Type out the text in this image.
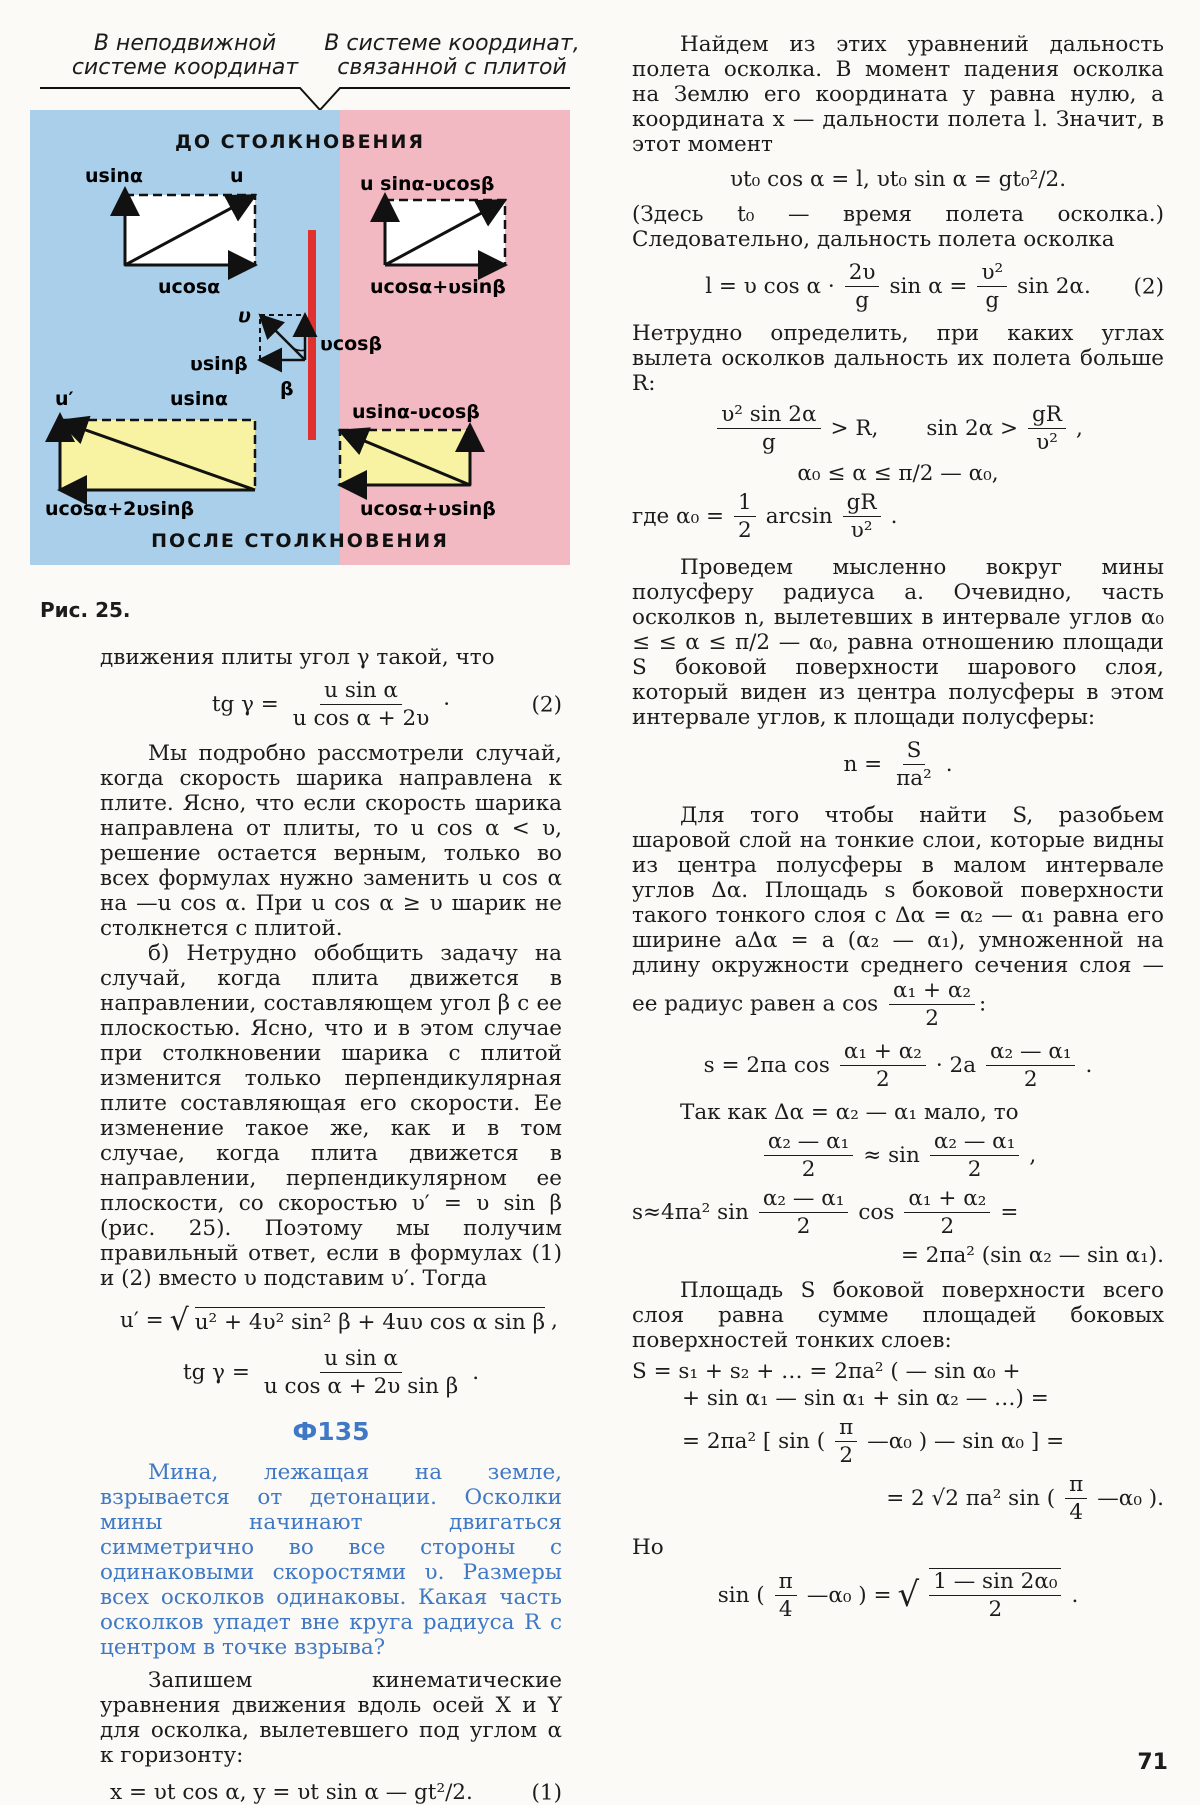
В неподвижной
системе координат
В системе координат,
связанной с плитой
ДО СТОЛКНОВЕНИЯ
ПОСЛЕ СТОЛКНОВЕНИЯ
usinα	u
ucosα
u sinα-υcosβ
ucosα+υsinβ
υ
υsinβ
υcosβ
β
u′	usinα
ucosα+2υsinβ
usinα-υcosβ
ucosα+υsinβ
Рис. 25.

движения плиты угол γ такой, что

tg $\gamma = \frac{\text{u sin α}}{\text{u cos α + 2υ}}$ ·	(2)

Мы подробно рассмотрели случай, когда скорость шарика направлена к плите. Ясно, что если скорость шарика направлена от плиты, то u cos α < υ, решение остается верным, только во всех формулах нужно заменить u cos α на —u cos α. При u cos α ≥ υ шарик не столкнется с плитой.

б) Нетрудно обобщить задачу на случай, когда плита движется в направлении, составляющем угол β с ее плоскостью. Ясно, что и в этом случае при столкновении шарика с плитой изменится только перпендикулярная плите составляющая его скорости. Ее изменение такое же, как и в том случае, когда плита движется в направлении, перпендикулярном ее плоскости, со скоростью υ′ = υ sin β (рис. 25). Поэтому мы получим правильный ответ, если в формулах (1) и (2) вместо υ подставим υ′. Тогда

u′ = √ u² + 4υ² sin² β + 4uυ cos α sin β ,
tg $\gamma = \frac{\text{u sin α}}{\text{u cos α + 2υ sin β}}$ .
Ф135

Мина, лежащая на земле, взрывается от детонации. Осколки мины начинают двигаться симметрично во все стороны с одинаковыми скоростями υ. Размеры всех осколков одинаковы. Какая часть осколков упадет вне круга радиуса R с центром в точке взрыва?

Запишем кинематические уравнения движения вдоль осей X и Y для осколка, вылетевшего под углом α к горизонту:

x = υt cos α, y = υt sin α — gt²/2.	(1)

Найдем из этих уравнений дальность полета осколка. В момент падения осколка на Землю его координата y равна нулю, а координата x — дальности полета l. Значит, в этот момент

υt₀ cos α = l, υt₀ sin α = gt₀²/2.

(Здесь t₀ — время полета осколка.) Следовательно, дальность полета осколка

l = υ $\cos \alpha \cdot \frac{2\upsilon}{g}$ $\sin \alpha = \frac{\text{υ²}}{g}$ sin 2α. (2)

Нетрудно определить, при каких углах вылета осколков дальность их полета больше R:

$\frac{\text{υ² sin 2α}}{g} > R$, $\sin 2\alpha > \frac{gR}{\text{υ²}}$ ,
α₀ ≤ α ≤ π/2 — α₀,
где $\alpha_0 = \frac{1}{2}$ $\arcsin \frac{gR}{\text{υ²}}$ .

Проведем мысленно вокруг мины полусферу радиуса a. Очевидно, часть осколков n, вылетевших в интервале углов α₀ ≤ ≤ α ≤ π/2 — α₀, равна отношению площади S боковой поверхности шарового слоя, который виден из центра полусферы в этом интервале углов, к площади полусферы:

$n = \frac{S}{\text{πa²}}$ .

Для того чтобы найти S, разобьем шаровой слой на тонкие слои, которые видны из центра полусферы в малом интервале углов Δα. Площадь s боковой поверхности такого тонкого слоя с Δα = α₂ — α₁ равна его ширине aΔα = a (α₂ — α₁), умноженной на длину окружности среднего сечения слоя — ее радиус равен a $\cos \frac{\text{α₁ + α₂}}{2}$ :

s = 2πa $\cos \frac{\text{α₁ + α₂}}{2} \cdot 2a \frac{\text{α₂ — α₁}}{2}$ .

Так как Δα = α₂ — α₁ мало, то

$\frac{\text{α₂ — α₁}}{2} \approx \sin \frac{\text{α₂ — α₁}}{2}$ ,
s≈4πa² $\sin \frac{\text{α₂ — α₁}}{2}$ $\cos \frac{\text{α₁ + α₂}}{2}$ =
= 2πa² (sin α₂ — sin α₁).

Площадь S боковой поверхности всего слоя равна сумме площадей боковых поверхностей тонких слоев:

S = s₁ + s₂ + … = 2πa² ( — sin α₀ +
+ sin α₁ — sin α₁ + sin α₂ — …) =
= 2πa² [ sin ( $\frac{\pi}{2}$ —α₀ ) — sin α₀ ] =
= 2 √2 πa² sin ( $\frac{\pi}{4}$ —α₀ ).

Но

sin ( $\frac{\pi}{4}$ —α₀ ) = √ $\frac{\text{1 — sin 2α₀}}{2}$ .
71
